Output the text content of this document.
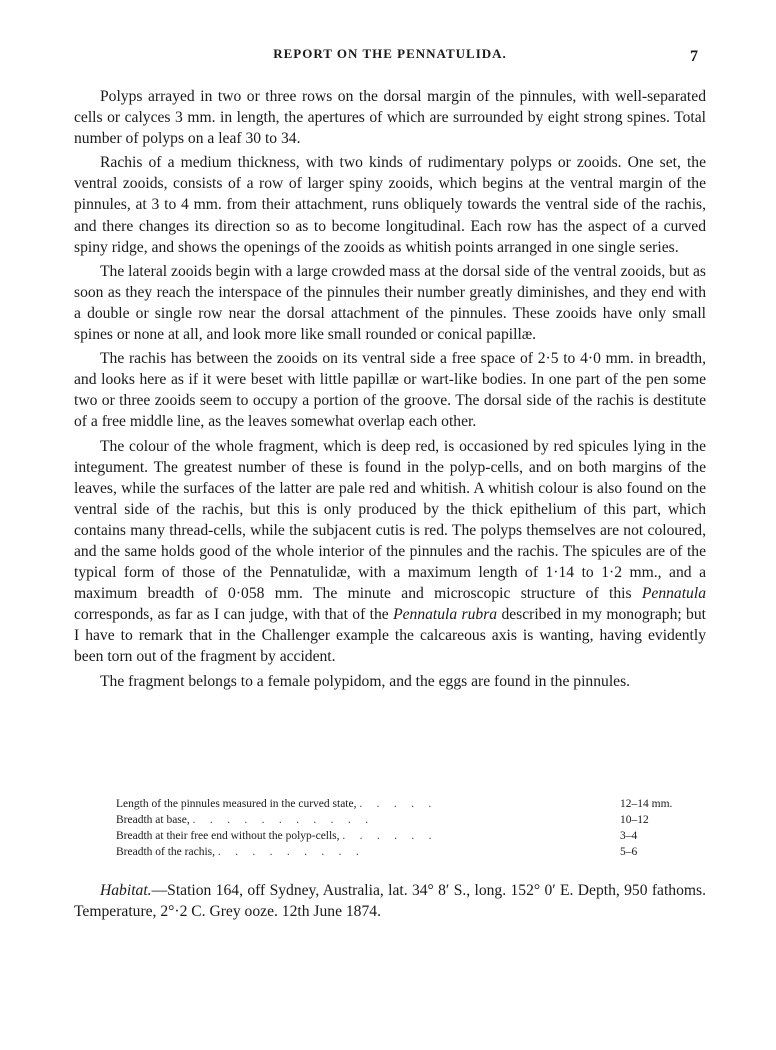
REPORT ON THE PENNATULIDA.	7

Polyps arrayed in two or three rows on the dorsal margin of the pinnules, with well-separated cells or calyces 3 mm. in length, the apertures of which are surrounded by eight strong spines. Total number of polyps on a leaf 30 to 34.

Rachis of a medium thickness, with two kinds of rudimentary polyps or zooids. One set, the ventral zooids, consists of a row of larger spiny zooids, which begins at the ventral margin of the pinnules, at 3 to 4 mm. from their attachment, runs obliquely towards the ventral side of the rachis, and there changes its direction so as to become longitudinal. Each row has the aspect of a curved spiny ridge, and shows the openings of the zooids as whitish points arranged in one single series.

The lateral zooids begin with a large crowded mass at the dorsal side of the ventral zooids, but as soon as they reach the interspace of the pinnules their number greatly diminishes, and they end with a double or single row near the dorsal attachment of the pinnules. These zooids have only small spines or none at all, and look more like small rounded or conical papillæ.

The rachis has between the zooids on its ventral side a free space of 2·5 to 4·0 mm. in breadth, and looks here as if it were beset with little papillæ or wart-like bodies. In one part of the pen some two or three zooids seem to occupy a portion of the groove. The dorsal side of the rachis is destitute of a free middle line, as the leaves somewhat overlap each other.

The colour of the whole fragment, which is deep red, is occasioned by red spicules lying in the integument. The greatest number of these is found in the polyp-cells, and on both margins of the leaves, while the surfaces of the latter are pale red and whitish. A whitish colour is also found on the ventral side of the rachis, but this is only produced by the thick epithelium of this part, which contains many thread-cells, while the subjacent cutis is red. The polyps themselves are not coloured, and the same holds good of the whole interior of the pinnules and the rachis. The spicules are of the typical form of those of the Pennatulidæ, with a maximum length of 1·14 to 1·2 mm., and a maximum breadth of 0·058 mm. The minute and microscopic structure of this Pennatula corresponds, as far as I can judge, with that of the Pennatula rubra described in my monograph; but I have to remark that in the Challenger example the calcareous axis is wanting, having evidently been torn out of the fragment by accident.

The fragment belongs to a female polypidom, and the eggs are found in the pinnules.

Length of the pinnules measured in the curved state, .     .     .     .     .	12–14 mm.
Breadth at base, .     .     .     .     .     .     .     .     .     .     .	10–12
Breadth at their free end without the polyp-cells, .     .     .     .     .     .	3–4
Breadth of the rachis, .     .     .     .     .     .     .     .     .	5–6

Habitat.—Station 164, off Sydney, Australia, lat. 34° 8′ S., long. 152° 0′ E. Depth, 950 fathoms. Temperature, 2°·2 C. Grey ooze. 12th June 1874.
